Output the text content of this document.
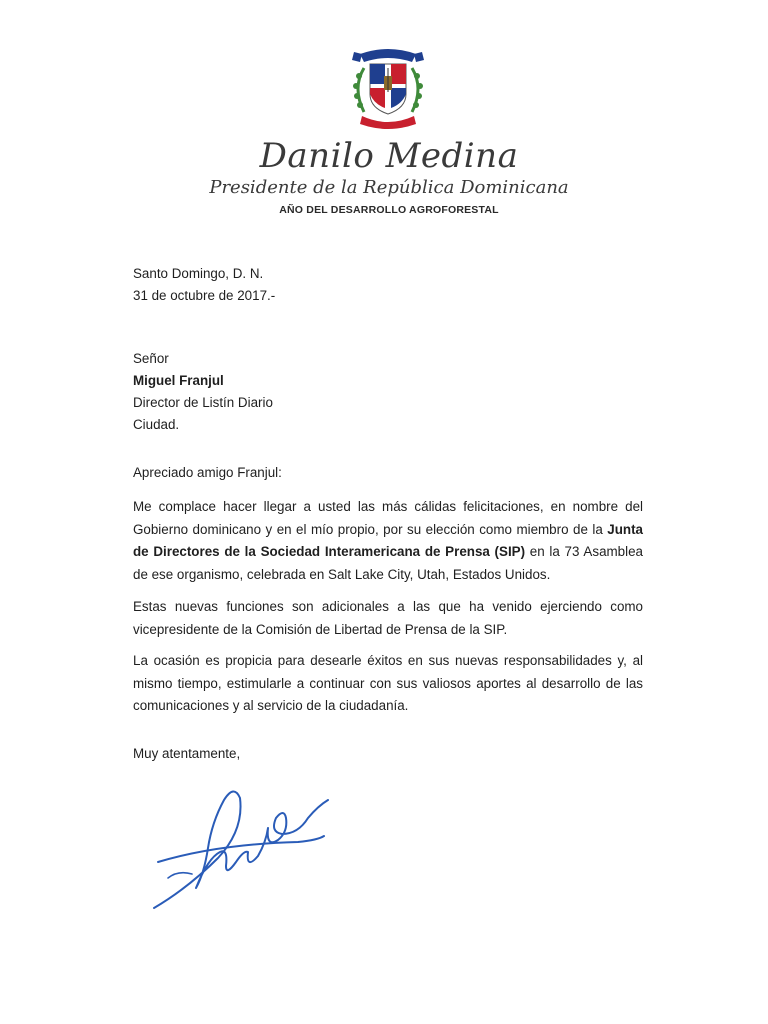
Danilo Medina
Presidente de la República Dominicana
AÑO DEL DESARROLLO AGROFORESTAL
Santo Domingo, D. N.
31 de octubre de 2017.-
Señor
Miguel Franjul
Director de Listín Diario
Ciudad.
Apreciado amigo Franjul:
Me complace hacer llegar a usted las más cálidas felicitaciones, en nombre del Gobierno dominicano y en el mío propio, por su elección como miembro de la Junta de Directores de la Sociedad Interamericana de Prensa (SIP) en la 73 Asamblea de ese organismo, celebrada en Salt Lake City, Utah, Estados Unidos.
Estas nuevas funciones son adicionales a las que ha venido ejerciendo como vicepresidente de la Comisión de Libertad de Prensa de la SIP.
La ocasión es propicia para desearle éxitos en sus nuevas responsabilidades y, al mismo tiempo, estimularle a continuar con sus valiosos aportes al desarrollo de las comunicaciones y al servicio de la ciudadanía.
Muy atentamente,
